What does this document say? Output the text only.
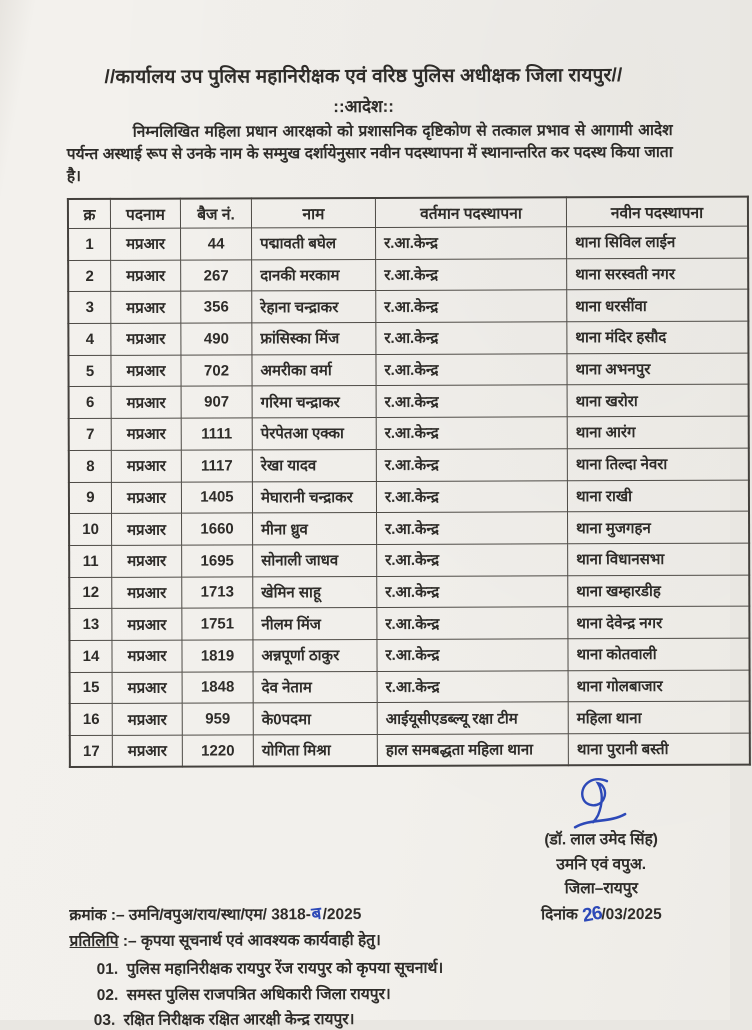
//कार्यालय उप पुलिस महानिरीक्षक एवं वरिष्ठ पुलिस अधीक्षक जिला रायपुर//
::आदेश::

निम्नलिखित महिला प्रधान आरक्षको को प्रशासनिक दृष्टिकोण से तत्काल प्रभाव से आगामी आदेश पर्यन्त अस्थाई रूप से उनके नाम के सम्मुख दर्शायेनुसार नवीन पदस्थापना में स्थानान्तरित कर पदस्थ किया जाता है।

क्र	पदनाम	बैज नं.	नाम	वर्तमान पदस्थापना	नवीन पदस्थापना
1	मप्रआर	44	पद्मावती बघेल	र.आ.केन्द्र	थाना सिविल लाईन
2	मप्रआर	267	दानकी मरकाम	र.आ.केन्द्र	थाना सरस्वती नगर
3	मप्रआर	356	रेहाना चन्द्राकर	र.आ.केन्द्र	थाना धरसींवा
4	मप्रआर	490	फ्रांसिस्का मिंज	र.आ.केन्द्र	थाना मंदिर हसौद
5	मप्रआर	702	अमरीका वर्मा	र.आ.केन्द्र	थाना अभनपुर
6	मप्रआर	907	गरिमा चन्द्राकर	र.आ.केन्द्र	थाना खरोरा
7	मप्रआर	1111	पेरपेतआ एक्का	र.आ.केन्द्र	थाना आरंग
8	मप्रआर	1117	रेखा यादव	र.आ.केन्द्र	थाना तिल्दा नेवरा
9	मप्रआर	1405	मेघारानी चन्द्राकर	र.आ.केन्द्र	थाना राखी
10	मप्रआर	1660	मीना ध्रुव	र.आ.केन्द्र	थाना मुजगहन
11	मप्रआर	1695	सोनाली जाधव	र.आ.केन्द्र	थाना विधानसभा
12	मप्रआर	1713	खेमिन साहू	र.आ.केन्द्र	थाना खम्हारडीह
13	मप्रआर	1751	नीलम मिंज	र.आ.केन्द्र	थाना देवेन्द्र नगर
14	मप्रआर	1819	अन्नपूर्णा ठाकुर	र.आ.केन्द्र	थाना कोतवाली
15	मप्रआर	1848	देव नेताम	र.आ.केन्द्र	थाना गोलबाजार
16	मप्रआर	959	के0पदमा	आईयूसीएडब्ल्यू रक्षा टीम	महिला थाना
17	मप्रआर	1220	योगिता मिश्रा	हाल समबद्धता महिला थाना	थाना पुरानी बस्ती
(डॉ. लाल उमेद सिंह)
उमनि एवं वपुअ.
जिला–रायपुर
दिनांक 26/03/2025
क्रमांक :– उमनि/वपुअ/राय/स्था/एम/ 3818-ब/2025
प्रतिलिपि :– कृपया सूचनार्थ एवं आवश्यक कार्यवाही हेतु।
01. पुलिस महानिरीक्षक रायपुर रेंज रायपुर को कृपया सूचनार्थ।
02. समस्त पुलिस राजपत्रित अधिकारी जिला रायपुर।
03. रक्षित निरीक्षक रक्षित आरक्षी केन्द्र रायपुर।
